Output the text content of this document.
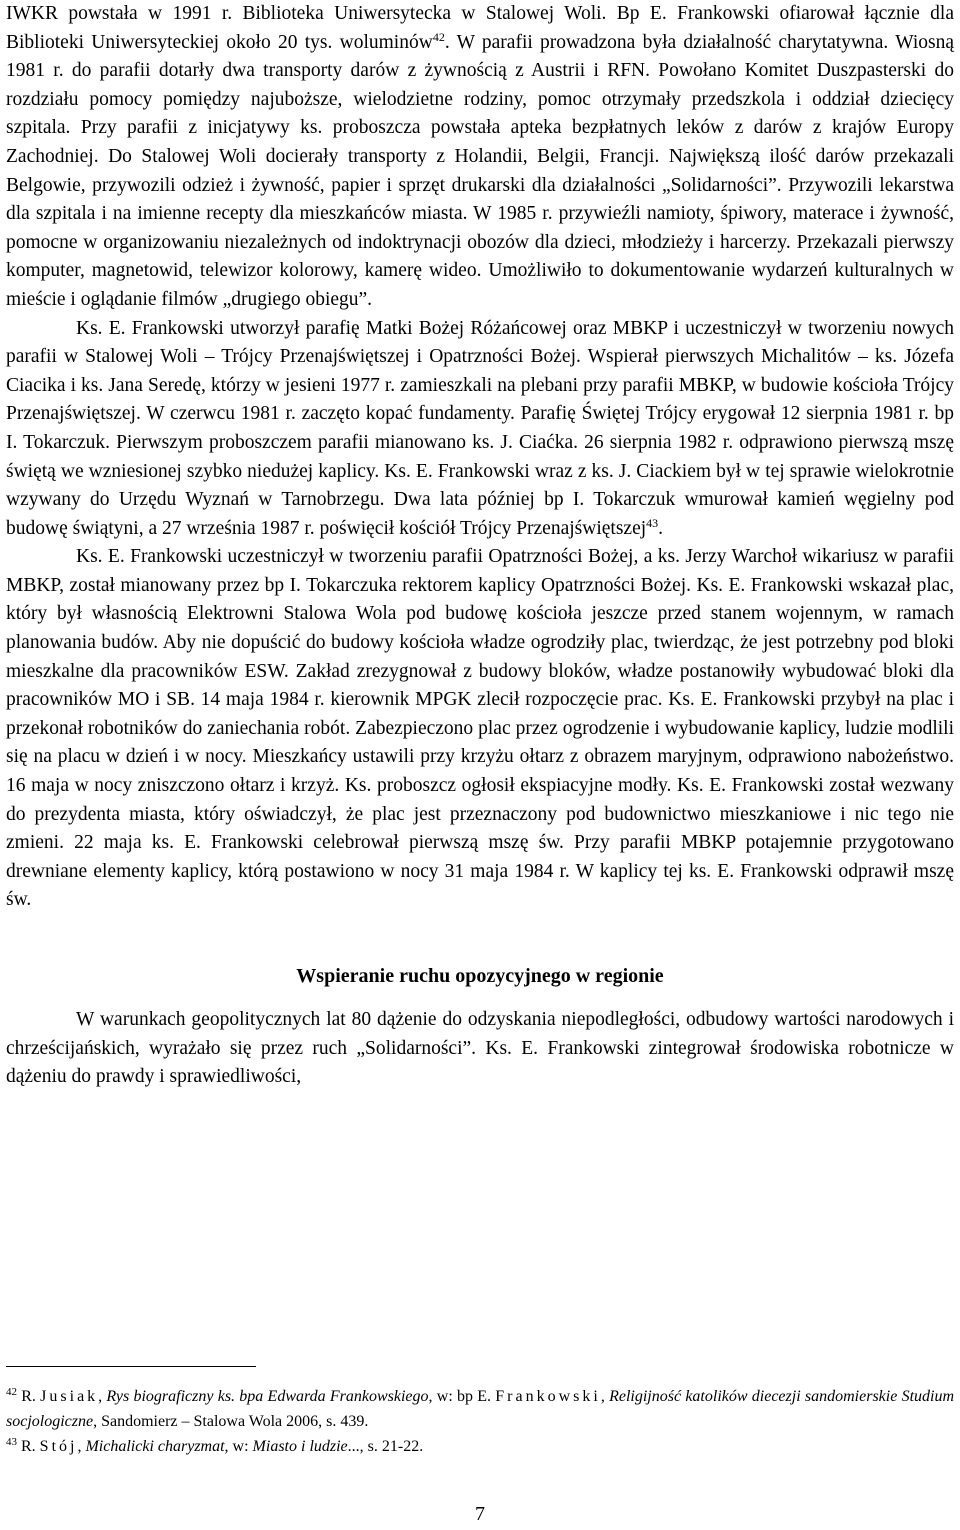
IWKR powstała w 1991 r. Biblioteka Uniwersytecka w Stalowej Woli. Bp E. Frankowski ofiarował łącznie dla Biblioteki Uniwersyteckiej około 20 tys. woluminów$^{42}$. W parafii prowadzona była działalność charytatywna. Wiosną 1981 r. do parafii dotarły dwa transporty darów z żywnością z Austrii i RFN. Powołano Komitet Duszpasterski do rozdziału pomocy pomiędzy najuboższe, wielodzietne rodziny, pomoc otrzymały przedszkola i oddział dziecięcy szpitala. Przy parafii z inicjatywy ks. proboszcza powstała apteka bezpłatnych leków z darów z krajów Europy Zachodniej. Do Stalowej Woli docierały transporty z Holandii, Belgii, Francji. Największą ilość darów przekazali Belgowie, przywozili odzież i żywność, papier i sprzęt drukarski dla działalności „Solidarności”. Przywozili lekarstwa dla szpitala i na imienne recepty dla mieszkańców miasta. W 1985 r. przywieźli namioty, śpiwory, materace i żywność, pomocne w organizowaniu niezależnych od indoktrynacji obozów dla dzieci, młodzieży i harcerzy. Przekazali pierwszy komputer, magnetowid, telewizor kolorowy, kamerę wideo. Umożliwiło to dokumentowanie wydarzeń kulturalnych w mieście i oglądanie filmów „drugiego obiegu”.

Ks. E. Frankowski utworzył parafię Matki Bożej Różańcowej oraz MBKP i uczestniczył w tworzeniu nowych parafii w Stalowej Woli – Trójcy Przenajświętszej i Opatrzności Bożej. Wspierał pierwszych Michalitów – ks. Józefa Ciacika i ks. Jana Seredę, którzy w jesieni 1977 r. zamieszkali na plebani przy parafii MBKP, w budowie kościoła Trójcy Przenajświętszej. W czerwcu 1981 r. zaczęto kopać fundamenty. Parafię Świętej Trójcy erygował 12 sierpnia 1981 r. bp I. Tokarczuk. Pierwszym proboszczem parafii mianowano ks. J. Ciaćka. 26 sierpnia 1982 r. odprawiono pierwszą mszę świętą we wzniesionej szybko niedużej kaplicy. Ks. E. Frankowski wraz z ks. J. Ciackiem był w tej sprawie wielokrotnie wzywany do Urzędu Wyznań w Tarnobrzegu. Dwa lata później bp I. Tokarczuk wmurował kamień węgielny pod budowę świątyni, a 27 września 1987 r. poświęcił kościół Trójcy Przenajświętszej$^{43}$.

Ks. E. Frankowski uczestniczył w tworzeniu parafii Opatrzności Bożej, a ks. Jerzy Warchoł wikariusz w parafii MBKP, został mianowany przez bp I. Tokarczuka rektorem kaplicy Opatrzności Bożej. Ks. E. Frankowski wskazał plac, który był własnością Elektrowni Stalowa Wola pod budowę kościoła jeszcze przed stanem wojennym, w ramach planowania budów. Aby nie dopuścić do budowy kościoła władze ogrodziły plac, twierdząc, że jest potrzebny pod bloki mieszkalne dla pracowników ESW. Zakład zrezygnował z budowy bloków, władze postanowiły wybudować bloki dla pracowników MO i SB. 14 maja 1984 r. kierownik MPGK zlecił rozpoczęcie prac. Ks. E. Frankowski przybył na plac i przekonał robotników do zaniechania robót. Zabezpieczono plac przez ogrodzenie i wybudowanie kaplicy, ludzie modlili się na placu w dzień i w nocy. Mieszkańcy ustawili przy krzyżu ołtarz z obrazem maryjnym, odprawiono nabożeństwo. 16 maja w nocy zniszczono ołtarz i krzyż. Ks. proboszcz ogłosił ekspiacyjne modły. Ks. E. Frankowski został wezwany do prezydenta miasta, który oświadczył, że plac jest przeznaczony pod budownictwo mieszkaniowe i nic tego nie zmieni. 22 maja ks. E. Frankowski celebrował pierwszą mszę św. Przy parafii MBKP potajemnie przygotowano drewniane elementy kaplicy, którą postawiono w nocy 31 maja 1984 r. W kaplicy tej ks. E. Frankowski odprawił mszę św.

Wspieranie ruchu opozycyjnego w regionie

W warunkach geopolitycznych lat 80 dążenie do odzyskania niepodległości, odbudowy wartości narodowych i chrześcijańskich, wyrażało się przez ruch „Solidarności”. Ks. E. Frankowski zintegrował środowiska robotnicze w dążeniu do prawdy i sprawiedliwości,

$^{42}$ R. Jusiak, Rys biograficzny ks. bpa Edwarda Frankowskiego, w: bp E. Frankowski, Religijność katolików diecezji sandomierskie Studium socjologiczne, Sandomierz – Stalowa Wola 2006, s. 439.

$^{43}$ R. Stój, Michalicki charyzmat, w: Miasto i ludzie..., s. 21-22.

7
